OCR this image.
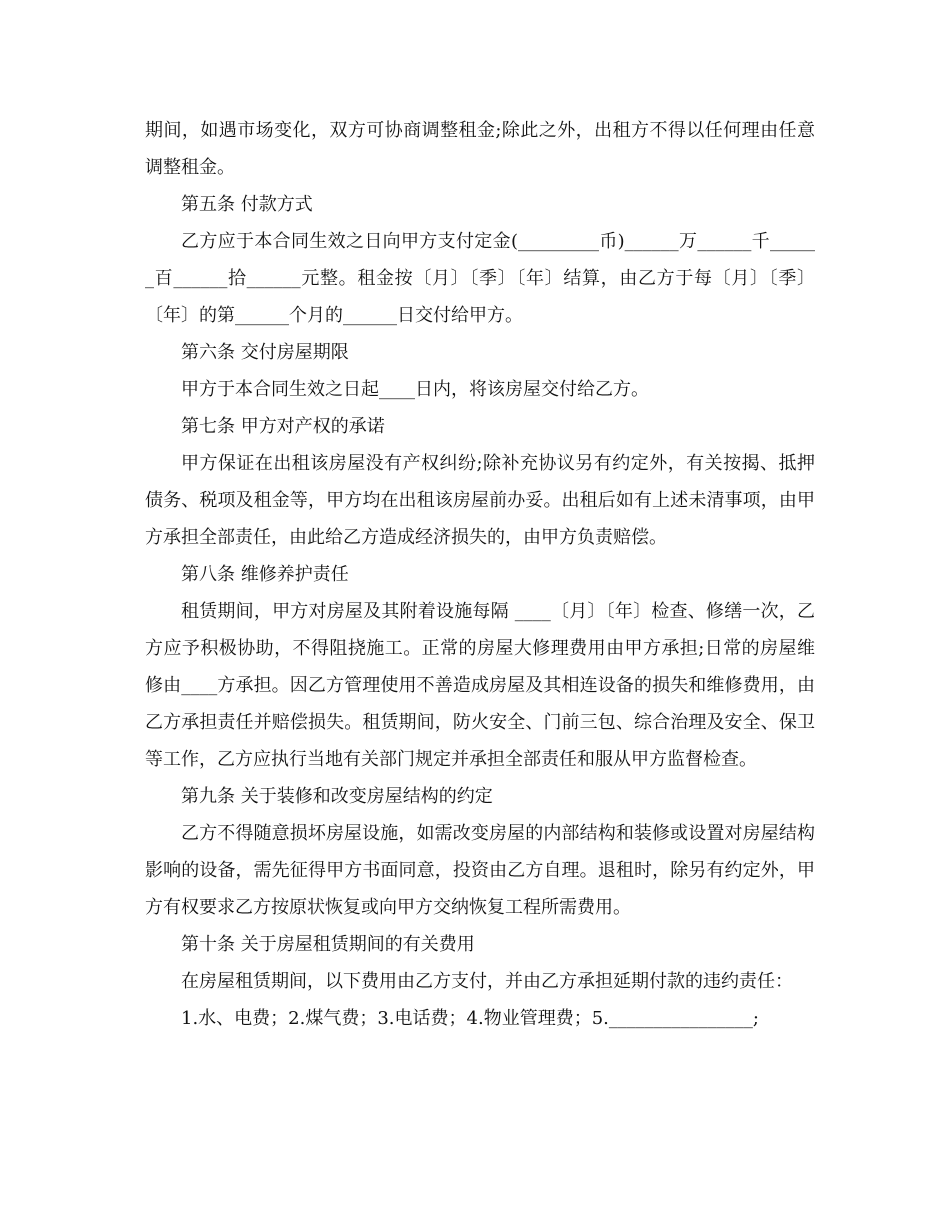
期间，如遇市场变化，双方可协商调整租金;除此之外，出租方不得以任何理由任意调整租金。

第五条 付款方式

乙方应于本合同生效之日向甲方支付定金(_________币)______万______千______百______拾______元整。租金按〔月〕〔季〕〔年〕结算，由乙方于每〔月〕〔季〕〔年〕的第______个月的______日交付给甲方。

第六条 交付房屋期限

甲方于本合同生效之日起____日内，将该房屋交付给乙方。

第七条 甲方对产权的承诺

甲方保证在出租该房屋没有产权纠纷;除补充协议另有约定外，有关按揭、抵押债务、税项及租金等，甲方均在出租该房屋前办妥。出租后如有上述未清事项，由甲方承担全部责任，由此给乙方造成经济损失的，由甲方负责赔偿。

第八条 维修养护责任

租赁期间，甲方对房屋及其附着设施每隔 ____〔月〕〔年〕检查、修缮一次，乙方应予积极协助，不得阻挠施工。正常的房屋大修理费用由甲方承担;日常的房屋维修由____方承担。因乙方管理使用不善造成房屋及其相连设备的损失和维修费用，由乙方承担责任并赔偿损失。租赁期间，防火安全、门前三包、综合治理及安全、保卫等工作，乙方应执行当地有关部门规定并承担全部责任和服从甲方监督检查。

第九条 关于装修和改变房屋结构的约定

乙方不得随意损坏房屋设施，如需改变房屋的内部结构和装修或设置对房屋结构影响的设备，需先征得甲方书面同意，投资由乙方自理。退租时，除另有约定外，甲方有权要求乙方按原状恢复或向甲方交纳恢复工程所需费用。

第十条 关于房屋租赁期间的有关费用

在房屋租赁期间，以下费用由乙方支付，并由乙方承担延期付款的违约责任：

1.水、电费；2.煤气费；3.电话费；4.物业管理费；5.________________;
